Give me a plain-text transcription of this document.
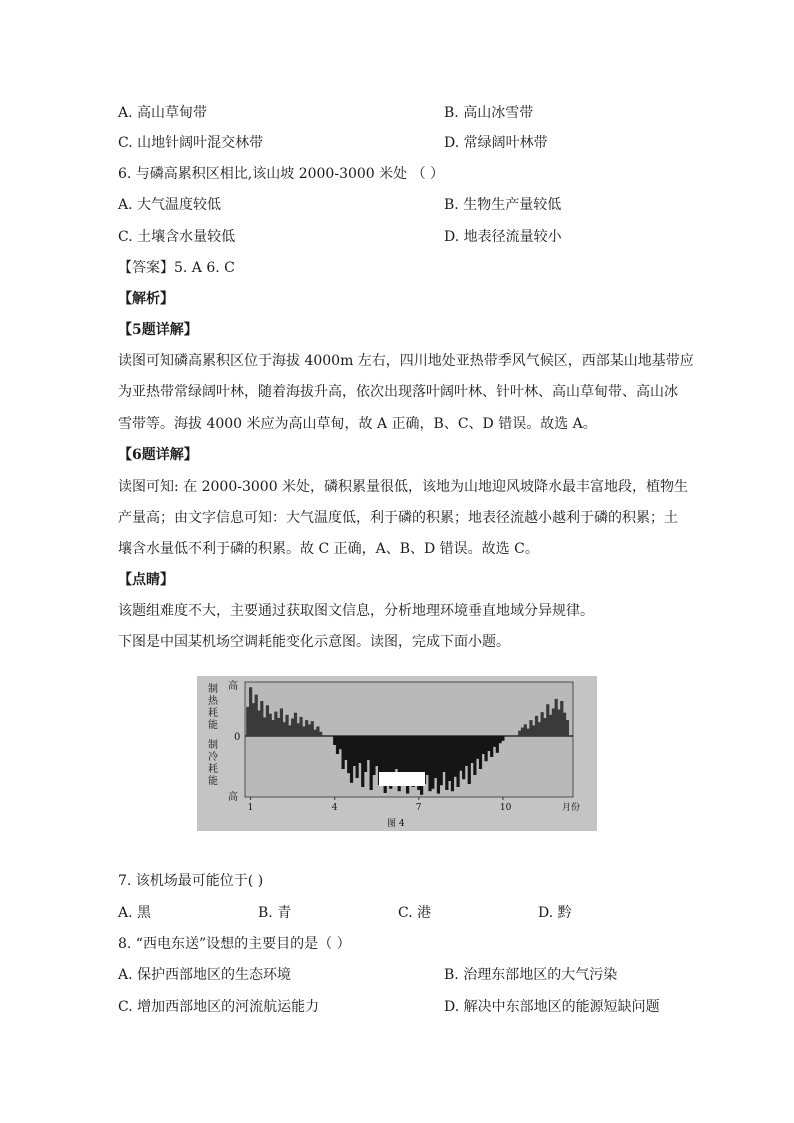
A. 高山草甸带	B. 高山冰雪带
C. 山地针阔叶混交林带	D. 常绿阔叶林带
6. 与磷高累积区相比,该山坡 2000-3000 米处 （ ）
A. 大气温度较低	B. 生物生产量较低
C. 土壤含水量较低	D. 地表径流量较小
【答案】5. A 6. C
【解析】
【5题详解】
读图可知磷高累积区位于海拔 4000m 左右，四川地处亚热带季风气候区，西部某山地基带应
为亚热带常绿阔叶林，随着海拔升高，依次出现落叶阔叶林、针叶林、高山草甸带、高山冰
雪带等。海拔 4000 米应为高山草甸，故 A 正确，B、C、D 错误。故选 A。
【6题详解】
读图可知: 在 2000-3000 米处，磷积累量很低，该地为山地迎风坡降水最丰富地段，植物生
产量高；由文字信息可知：大气温度低，利于磷的积累；地表径流越小越利于磷的积累；土
壤含水量低不利于磷的积累。故 C 正确，A、B、D 错误。故选 C。
【点睛】
该题组难度不大，主要通过获取图文信息，分析地理环境垂直地域分异规律。
下图是中国某机场空调耗能变化示意图。读图，完成下面小题。
高
0
高
制热耗能
制冷耗能
1	4	7	10	月份
图 4
7. 该机场最可能位于( )
A. 黑	B. 青	C. 港	D. 黔
8. “西电东送”设想的主要目的是（ ）
A. 保护西部地区的生态环境	B. 治理东部地区的大气污染
C. 增加西部地区的河流航运能力	D. 解决中东部地区的能源短缺问题
